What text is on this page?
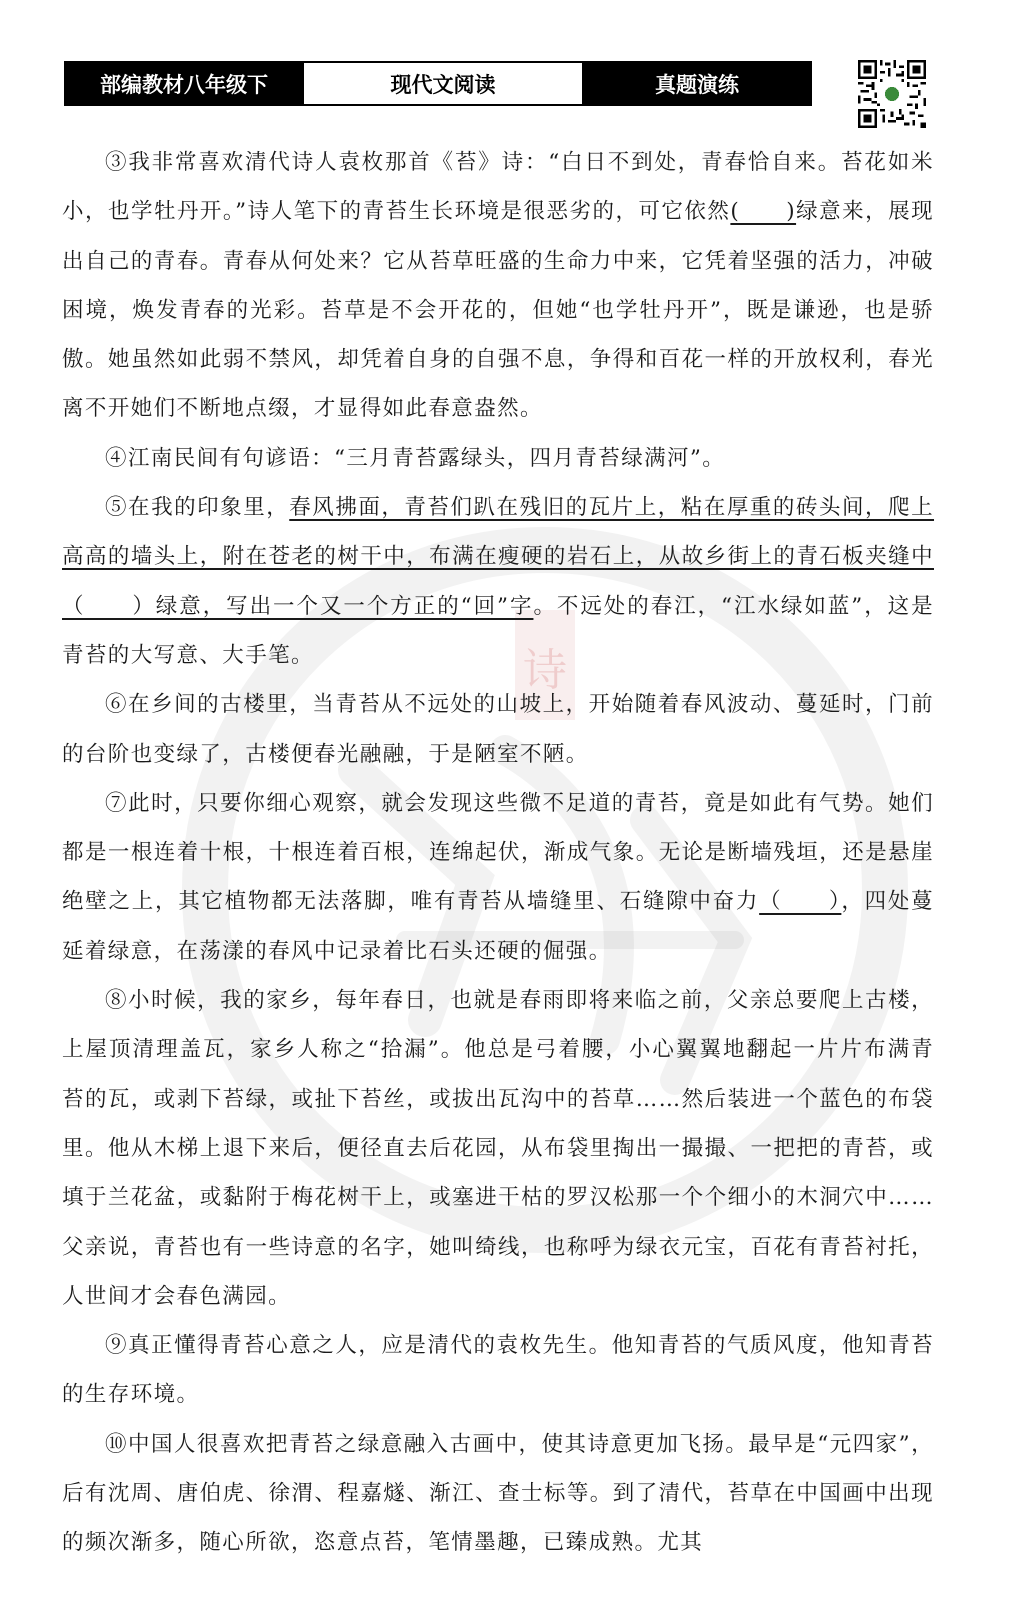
部编教材八年级下	现代文阅读	真题演练
诗

③我非常喜欢清代诗人袁枚那首《苔》诗：“白日不到处，青春恰自来。苔花如米小，也学牡丹开。”诗人笔下的青苔生长环境是很恶劣的，可它依然(　　)绿意来，展现出自己的青春。青春从何处来？它从苔草旺盛的生命力中来，它凭着坚强的活力，冲破困境，焕发青春的光彩。苔草是不会开花的，但她“也学牡丹开”，既是谦逊，也是骄傲。她虽然如此弱不禁风，却凭着自身的自强不息，争得和百花一样的开放权利，春光离不开她们不断地点缀，才显得如此春意盎然。

④江南民间有句谚语：“三月青苔露绿头，四月青苔绿满河”。

⑤在我的印象里，春风拂面，青苔们趴在残旧的瓦片上，粘在厚重的砖头间，爬上高高的墙头上，附在苍老的树干中，布满在瘦硬的岩石上，从故乡街上的青石板夹缝中（　　）绿意，写出一个又一个方正的“回”字。不远处的春江，“江水绿如蓝”，这是青苔的大写意、大手笔。

⑥在乡间的古楼里，当青苔从不远处的山坡上，开始随着春风波动、蔓延时，门前的台阶也变绿了，古楼便春光融融，于是陋室不陋。

⑦此时，只要你细心观察，就会发现这些微不足道的青苔，竟是如此有气势。她们都是一根连着十根，十根连着百根，连绵起伏，渐成气象。无论是断墙残垣，还是悬崖绝壁之上，其它植物都无法落脚，唯有青苔从墙缝里、石缝隙中奋力（　　），四处蔓延着绿意，在荡漾的春风中记录着比石头还硬的倔强。

⑧小时候，我的家乡，每年春日，也就是春雨即将来临之前，父亲总要爬上古楼，上屋顶清理盖瓦，家乡人称之“拾漏”。他总是弓着腰，小心翼翼地翻起一片片布满青苔的瓦，或剥下苔绿，或扯下苔丝，或拔出瓦沟中的苔草……然后装进一个蓝色的布袋里。他从木梯上退下来后，便径直去后花园，从布袋里掏出一撮撮、一把把的青苔，或填于兰花盆，或黏附于梅花树干上，或塞进干枯的罗汉松那一个个细小的木洞穴中……父亲说，青苔也有一些诗意的名字，她叫绮线，也称呼为绿衣元宝，百花有青苔衬托，人世间才会春色满园。

⑨真正懂得青苔心意之人，应是清代的袁枚先生。他知青苔的气质风度，他知青苔的生存环境。

⑩中国人很喜欢把青苔之绿意融入古画中，使其诗意更加飞扬。最早是“元四家”，后有沈周、唐伯虎、徐渭、程嘉燧、渐江、查士标等。到了清代，苔草在中国画中出现的频次渐多，随心所欲，恣意点苔，笔情墨趣，已臻成熟。尤其
